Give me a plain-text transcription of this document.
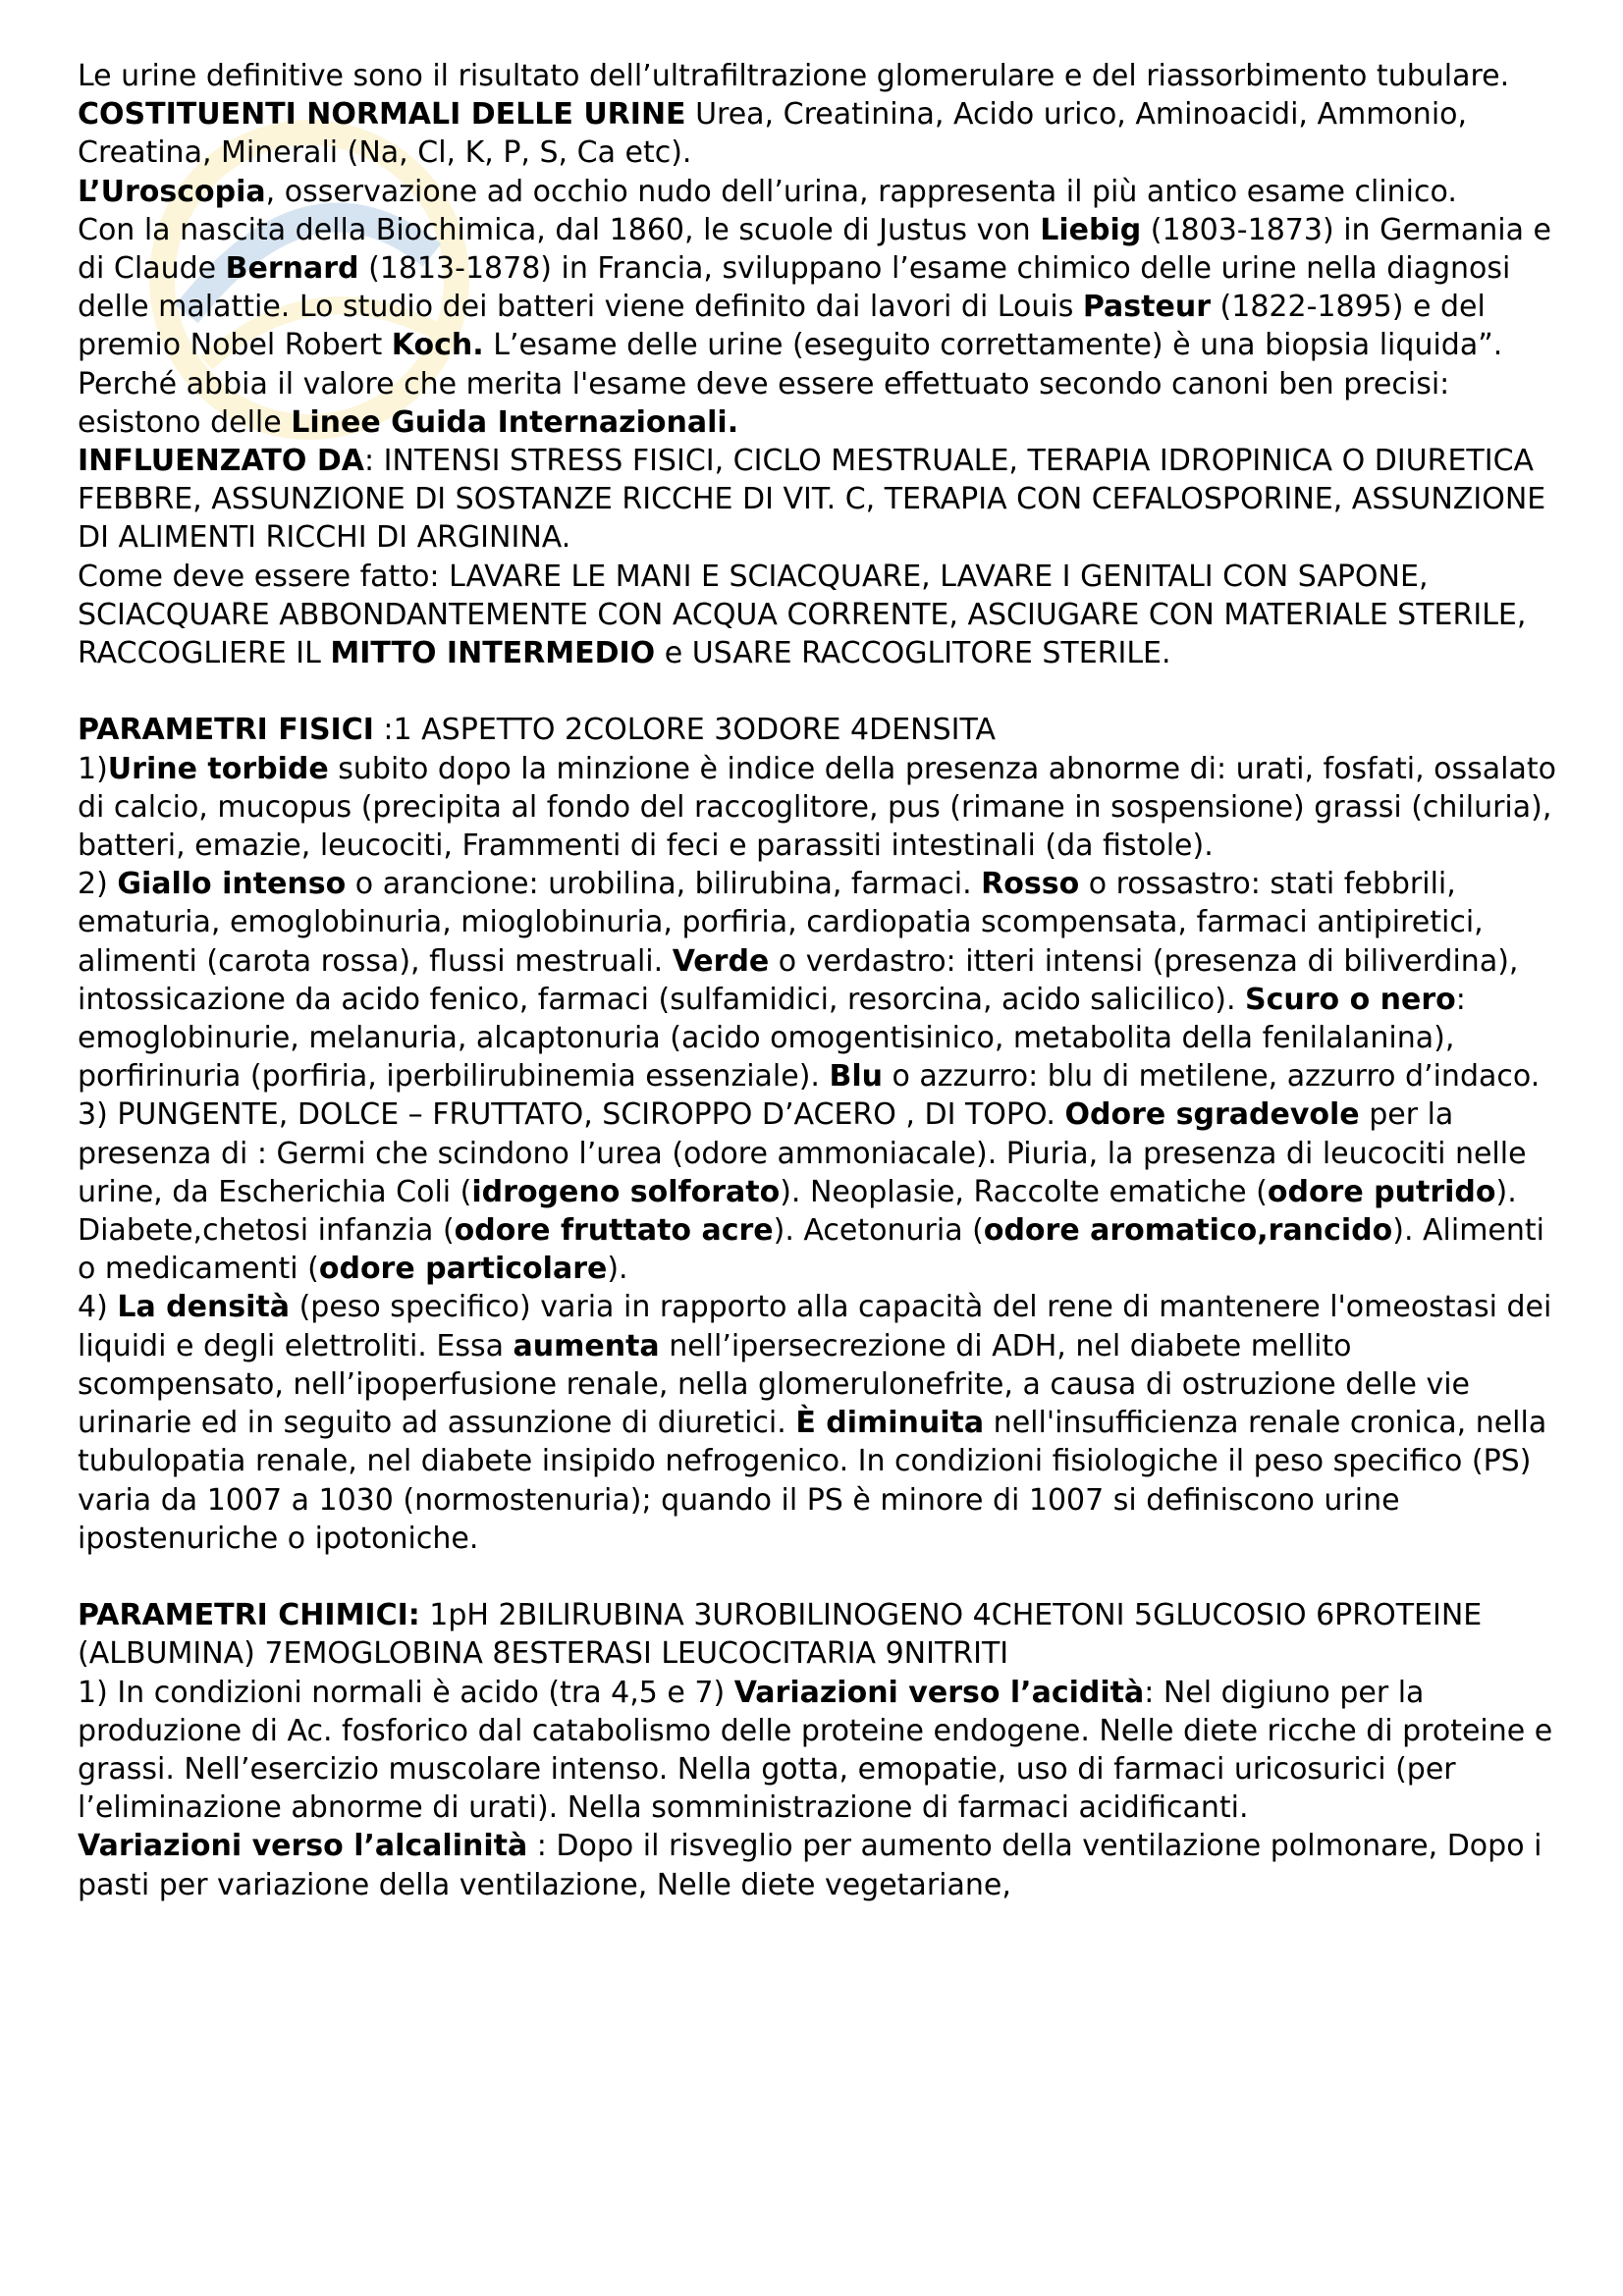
Le urine definitive sono il risultato dell’ultrafiltrazione glomerulare e del riassorbimento tubulare. COSTITUENTI NORMALI DELLE URINE Urea, Creatinina, Acido urico, Aminoacidi, Ammonio, Creatina, Minerali (Na, Cl, K, P, S, Ca etc).

L’Uroscopia, osservazione ad occhio nudo dell’urina, rappresenta il più antico esame clinico.

Con la nascita della Biochimica, dal 1860, le scuole di Justus von Liebig (1803-1873) in Germania e di Claude Bernard (1813-1878) in Francia, sviluppano l’esame chimico delle urine nella diagnosi delle malattie. Lo studio dei batteri viene definito dai lavori di Louis Pasteur (1822-1895) e del premio Nobel Robert Koch. L’esame delle urine (eseguito correttamente) è una biopsia liquida”. Perché abbia il valore che merita l'esame deve essere effettuato secondo canoni ben precisi: esistono delle Linee Guida Internazionali.

INFLUENZATO DA: INTENSI STRESS FISICI, CICLO MESTRUALE, TERAPIA IDROPINICA O DIURETICA FEBBRE, ASSUNZIONE DI SOSTANZE RICCHE DI VIT. C, TERAPIA CON CEFALOSPORINE, ASSUNZIONE DI ALIMENTI RICCHI DI ARGININA.

Come deve essere fatto: LAVARE LE MANI E SCIACQUARE, LAVARE I GENITALI CON SAPONE, SCIACQUARE ABBONDANTEMENTE CON ACQUA CORRENTE, ASCIUGARE CON MATERIALE STERILE, RACCOGLIERE IL MITTO INTERMEDIO e USARE RACCOGLITORE STERILE.

PARAMETRI FISICI :1 ASPETTO 2COLORE 3ODORE 4DENSITA

1)Urine torbide subito dopo la minzione è indice della presenza abnorme di: urati, fosfati, ossalato di calcio, mucopus (precipita al fondo del raccoglitore, pus (rimane in sospensione) grassi (chiluria), batteri, emazie, leucociti, Frammenti di feci e parassiti intestinali (da fistole).

2) Giallo intenso o arancione: urobilina, bilirubina, farmaci. Rosso o rossastro: stati febbrili, ematuria, emoglobinuria, mioglobinuria, porfiria, cardiopatia scompensata, farmaci antipiretici, alimenti (carota rossa), flussi mestruali. Verde o verdastro: itteri intensi (presenza di biliverdina), intossicazione da acido fenico, farmaci (sulfamidici, resorcina, acido salicilico). Scuro o nero: emoglobinurie, melanuria, alcaptonuria (acido omogentisinico, metabolita della fenilalanina), porfirinuria (porfiria, iperbilirubinemia essenziale). Blu o azzurro: blu di metilene, azzurro d’indaco.

3) PUNGENTE, DOLCE – FRUTTATO, SCIROPPO D’ACERO , DI TOPO. Odore sgradevole per la presenza di : Germi che scindono l’urea (odore ammoniacale). Piuria, la presenza di leucociti nelle urine, da Escherichia Coli (idrogeno solforato). Neoplasie, Raccolte ematiche (odore putrido). Diabete,chetosi infanzia (odore fruttato acre). Acetonuria (odore aromatico,rancido). Alimenti o medicamenti (odore particolare).

4) La densità (peso specifico) varia in rapporto alla capacità del rene di mantenere l'omeostasi dei liquidi e degli elettroliti. Essa aumenta nell’ipersecrezione di ADH, nel diabete mellito scompensato, nell’ipoperfusione renale, nella glomerulonefrite, a causa di ostruzione delle vie urinarie ed in seguito ad assunzione di diuretici. È diminuita nell'insufficienza renale cronica, nella tubulopatia renale, nel diabete insipido nefrogenico. In condizioni fisiologiche il peso specifico (PS) varia da 1007 a 1030 (normostenuria); quando il PS è minore di 1007 si definiscono urine ipostenuriche o ipotoniche.

PARAMETRI CHIMICI: 1pH 2BILIRUBINA 3UROBILINOGENO 4CHETONI 5GLUCOSIO 6PROTEINE (ALBUMINA) 7EMOGLOBINA 8ESTERASI LEUCOCITARIA 9NITRITI

1) In condizioni normali è acido (tra 4,5 e 7) Variazioni verso l’acidità: Nel digiuno per la produzione di Ac. fosforico dal catabolismo delle proteine endogene. Nelle diete ricche di proteine e grassi. Nell’esercizio muscolare intenso. Nella gotta, emopatie, uso di farmaci uricosurici (per l’eliminazione abnorme di urati). Nella somministrazione di farmaci acidificanti.

Variazioni verso l’alcalinità : Dopo il risveglio per aumento della ventilazione polmonare, Dopo i pasti per variazione della ventilazione, Nelle diete vegetariane,
